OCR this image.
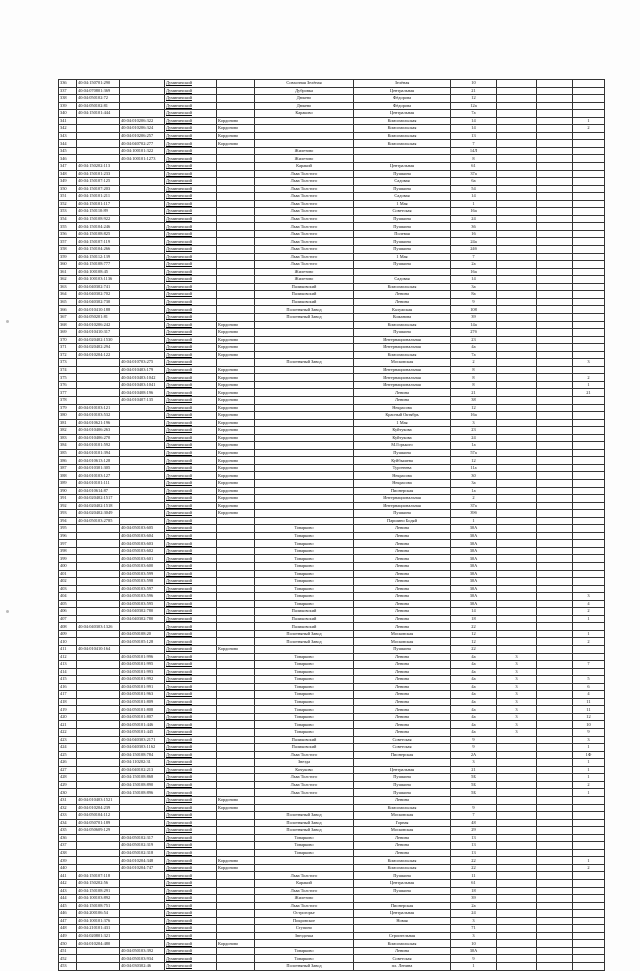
336	40:04:150701:290		Думиничский		Совхозная Зелёная	Зелёная	10			
337	40:04:070801:369		Думиничский		Дубровка	Центральная	21			
338	40:04:050102:72		Думиничский		Дюкево	Фёдорова	12			
339	40:04:050102:81		Думиничский		Дюкево	Фёдорова	12а			
340	40:04:150101:444		Думиничский		Караково	Центральная	7а			
341		40:04:010206:322	Думиничский	Кордоново		Комсомольская	14			1
342		40:04:010206:324	Думиничский	Кордоново		Комсомольская	14			2
343		40:04:010206:257	Думиничский	Кордоново		Комсомольская	13			
344		40:04:040702:277	Думиничский	Кордоново		Комсомольская	7			
345		40:04:100101:322	Думиничский		Жилетово		14Л			
346		40:04:100101:1273	Думиничский		Жилетово		8			
347	40:04:150202:113		Думиничский		Каракий	Центральная	61			
348	40:04:150101:233		Думиничский		Льва Толстого	Пушкина	37а			
349	40:04:150107:125		Думиничский		Льва Толстого	Садовая	6а			
350	40:04:150107:203		Думиничский		Льва Толстого	Пушкина	54			
351	40:04:150101:211		Думиничский		Льва Толстого	Садовая	14			
352	40:04:150101:117		Думиничский		Льва Толстого	1 Мая	1			
353	40:04:150110:89		Думиничский		Льва Толстого	Советская	16а			
354	40:04:150108:922		Думиничский		Льва Толстого	Пушкина	24			
355	40:04:150104:246		Думиничский		Льва Толстого	Пушкина	36			
356	40:04:150108:825		Думиничский		Льва Толстого	Полевая	16			
357	40:04:150107:119		Думиничский		Льва Толстого	Пушкина	24а			
358	40:04:150104:266		Думиничский		Льва Толстого	Пушкина	24б			
359	40:04:150112:139		Думиничский		Льва Толстого	1 Мая	7			
360	40:04:150108:777		Думиничский		Льва Толстого	Пушкина	2а			
361	40:04:100108:45		Думиничский		Жилетово		16а			
362	40:04:100103:1136		Думиничский		Жилетово	Садовая	14			
363	40:04:040302:741		Думиничский		Паликовский	Комсомольская	3а			
364	40:04:040302:702		Думиничский		Паликовский	Ленина	8а			
365	40:04:040302:730		Думиничский		Паликовский	Ленина	9			
366	40:04:010410:188		Думиничский		Полотняный Завод	Калужская	108			
367	40:04:050201:81		Думиничский		Полотняный Завод	Кожанова	39			
368	40:04:010206:242		Думиничский	Кордоново		Комсомольская	14а			
369	40:04:010410:317		Думиничский	Кордоново		Пушкина	27б			
370	40:04:020402:1530		Думиничский	Кордоново		Интернациональная	23			
371	40:04:020402:294		Думиничский	Кордоново		Интернациональная	4а			
372	40:04:010204:122		Думиничский	Кордоново		Комсомольская	7а			
373		40:04:010703:275	Думиничский		Полотняный Завод	Московская	2			3
374		40:04:010403:179	Думиничский	Кордоново		Интернациональная	8			
375		40:04:010403:1042	Думиничский	Кордоново		Интернациональная	8			2
376		40:04:010403:1041	Думиничский	Кордоново		Интернациональная	8			1
377		40:04:010408:196	Думиничский	Кордоново		Ленина	21			21
378		40:04:010407:135	Думиничский	Кордоново		Ленина	38			
379	40:04:010103:121		Думиничский	Кордоново		Некрасова	12			
380	40:04:010103:532		Думиничский	Кордоново		Красный Октябрь	16а			
381	40:04:010621:196		Думиничский	Кордоново		1 Мая	3			
382	40:04:010406:263		Думиничский	Кордоново		Куйтукова	23			
383	40:04:010406:270		Думиничский	Кордоново		Куйтукова	24			
384	40:04:010101:592		Думиничский	Кордоново		М.Горького	1а			
385	40:04:010101:394		Думиничский	Кордоново		Пушкина	57а			
386	40:04:010613:128		Думиничский	Кордоново		Куйбышева	12			
387	40:04:010301:305		Думиничский	Кордоново		Тургенева	11а			
388	40:04:010103:127		Думиничский	Кордоново		Некрасова	30			
389	40:04:010101:111		Думиничский	Кордоново		Некрасова	3а			
390	40:04:010614:87		Думиничский	Кордоново		Пионерская	1а			
391	40:04:020402:1517		Думиничский	Кордоново		Интернациональная	2			
392	40:04:020402:1518		Думиничский	Кордоново		Интернациональная	37а			
393	40:04:020402:3049		Думиничский	Кордоново		Пушкина	39б			
394	40:04:050103:2785		Думиничский			Паршино Бодяй	1			
395		40:04:050103:605	Думиничский		Товарково	Ленина	30А			
396		40:04:050103:604	Думиничский		Товарково	Ленина	30А			
397		40:04:050103:603	Думиничский		Товарково	Ленина	30А			
398		40:04:050103:602	Думиничский		Товарково	Ленина	30А			
399		40:04:050103:601	Думиничский		Товарково	Ленина	30А			
400		40:04:050103:600	Думиничский		Товарково	Ленина	30А			
401		40:04:050103:599	Думиничский		Товарково	Ленина	30А			
402		40:04:050103:598	Думиничский		Товарково	Ленина	30А			
403		40:04:050103:597	Думиничский		Товарково	Ленина	30А			
404		40:04:050103:596	Думиничский		Товарково	Ленина	30А			3
405		40:04:050103:595	Думиничский		Товарково	Ленина	30А			4
406		40:04:040302:780	Думиничский		Паликовский	Ленина	14			2
407		40:04:040302:780	Думиничский		Паликовский	Ленина	18			1
408	40:04:040303:1326		Думиничский		Паликовский	Ленина	22			
409		40:04:050108:20	Думиничский		Полотняный Завод	Московская	12			1
410		40:04:050105:128	Думиничский		Полотняный Завод	Московская	12			2
411	40:04:010410:164		Думиничский	Кордоново		Пушкина	22			
412		40:04:050101:996	Думиничский		Товарково	Ленина	4а	3		
413		40:04:050101:995	Думиничский		Товарково	Ленина	4а	3		7
414		40:04:050101:993	Думиничский		Товарково	Ленина	4а	3		
415		40:04:050101:992	Думиничский		Товарково	Ленина	4а	3		5
416		40:04:050101:991	Думиничский		Товарково	Ленина	4а	3		6
417		40:04:050101:963	Думиничский		Товарково	Ленина	4а	3		4
418		40:04:050101:809	Думиничский		Товарково	Ленина	4а	3		11
419		40:04:050101:808	Думиничский		Товарково	Ленина	4а	3		11
420		40:04:050101:807	Думиничский		Товарково	Ленина	4а	3		12
421		40:04:050101:446	Думиничский		Товарково	Ленина	4а	3		10
422		40:04:050101:445	Думиничский		Товарково	Ленина	4а	3		9
423		40:04:040303:2171	Думиничский		Паликовский	Советская	9			3
424		40:04:040303:1162	Думиничский		Паликовский	Советская	9			1
425		40:04:150108:784	Думиничский		Льва Толстого	Пионерская	2А			1Ф
426		40:04:110202:31	Думиничский		Звезда		3			1
427		40:04:040102:213	Думиничский		Кочуково	Центральная	21			1
428		40:04:150108:868	Думиничский		Льва Толстого	Пушкина	5Б			1
429		40:04:150108:890	Думиничский		Льва Толстого	Пушкина	5Б			2
430		40:04:150108:896	Думиничский		Льва Толстого	Пушкина	5Б			1
431	40:04:010403:1521		Думиничский	Кордоново		Ленина				
432	40:04:010204:239		Думиничский	Кордоново		Комсомольская	9			
433	40:04:050104:112		Думиничский		Полотняный Завод	Московская	7			
434	40:04:050701:189		Думиничский		Полотняный Завод	Горная	48			
435	40:04:050609:129		Думиничский		Полотняный Завод	Московская	29			
436		40:04:050102:317	Думиничский		Товарково	Ленина	13			
437		40:04:050102:319	Думиничский		Товарково	Ленина	13			
438		40:04:050102:318	Думиничский		Товарково	Ленина	13			
439		40:04:010204:348	Думиничский	Кордоново		Комсомольская	22			1
440		40:04:010204:747	Думиничский	Кордоново		Комсомольская	22			2
441	40:04:150107:118		Думиничский		Льва Толстого	Пушкина	11			
442	40:04:150202:56		Думиничский		Каракий	Центральная	61			
443	40:04:150108:291		Думиничский		Льва Толстого	Пушкина	18			
444	40:04:100103:892		Думиничский		Жилетово		39			
445	40:04:150108:751		Думиничский		Льва Толстого	Пионерская	2а			
446	40:04:200106:54		Думиничский		Острогорье	Центральная	24			
447	40:04:100101:376		Думиничский		Покровское	Новая	3			
448	40:04:210101:431		Думиничский		Ступино		71			
449	40:04:020801:321		Думиничский		Звездочка	Строительная	3			
450	40:04:010204:480		Думиничский	Кордоново		Комсомольская	10			
451		40:04:050103:392	Думиничский		Товарково	Ленина	30А			
452		40:04:050103:934	Думиничский		Товарково	Советская	9			
453		40:04:030302:46	Думиничский		Полотняный Завод	пл. Ленина	1			
